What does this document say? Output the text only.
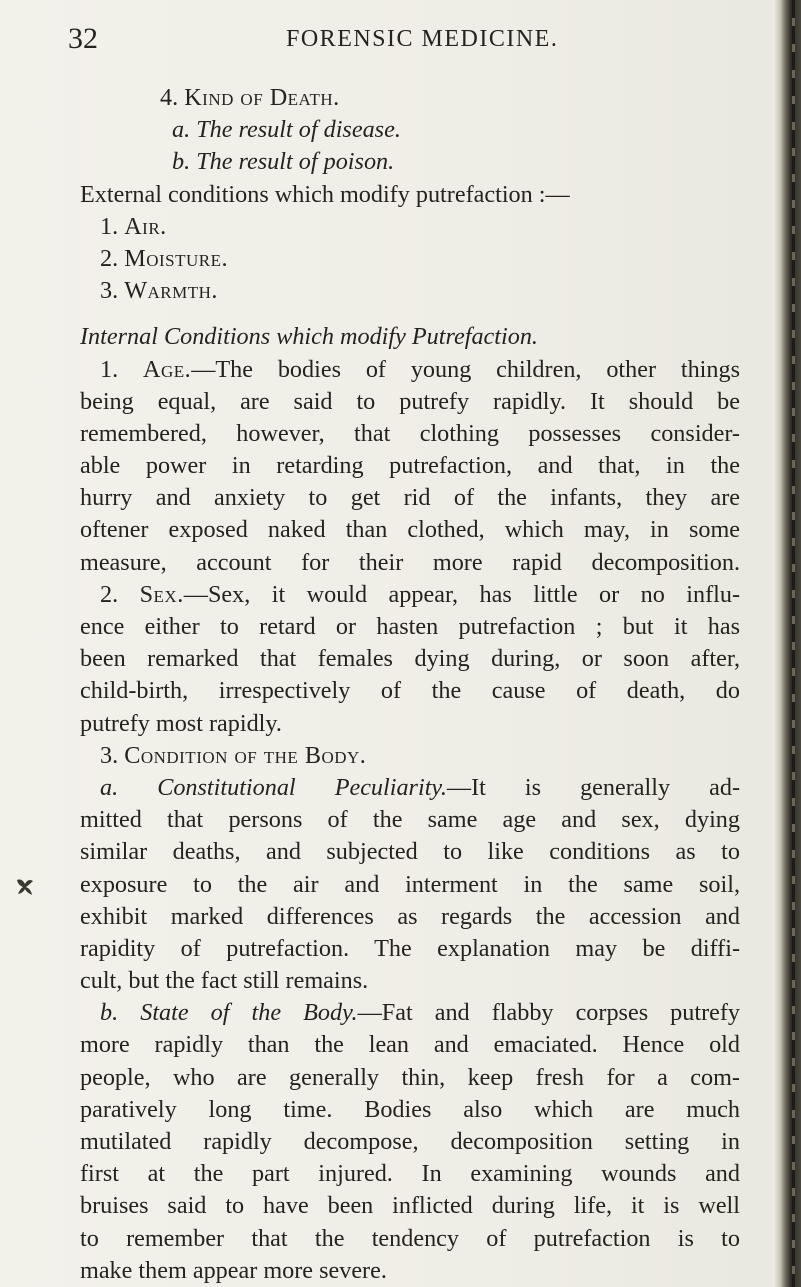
32	FORENSIC MEDICINE.
4. Kind of Death.
a. The result of disease.
b. The result of poison.
External conditions which modify putrefaction :—
1. Air.
2. Moisture.
3. Warmth.
Internal Conditions which modify Putrefaction.
1. Age.—The bodies of young children, other things
being equal, are said to putrefy rapidly. It should be
remembered, however, that clothing possesses consider-
able power in retarding putrefaction, and that, in the
hurry and anxiety to get rid of the infants, they are
oftener exposed naked than clothed, which may, in some
measure, account for their more rapid decomposition.
2. Sex.—Sex, it would appear, has little or no influ-
ence either to retard or hasten putrefaction ; but it has
been remarked that females dying during, or soon after,
child-birth, irrespectively of the cause of death, do
putrefy most rapidly.
3. Condition of the Body.
a. Constitutional Peculiarity.—It is generally ad-
mitted that persons of the same age and sex, dying
similar deaths, and subjected to like conditions as to
exposure to the air and interment in the same soil,
exhibit marked differences as regards the accession and
rapidity of putrefaction. The explanation may be diffi-
cult, but the fact still remains.
b. State of the Body.—Fat and flabby corpses putrefy
more rapidly than the lean and emaciated. Hence old
people, who are generally thin, keep fresh for a com-
paratively long time. Bodies also which are much
mutilated rapidly decompose, decomposition setting in
first at the part injured. In examining wounds and
bruises said to have been inflicted during life, it is well
to remember that the tendency of putrefaction is to
make them appear more severe.
